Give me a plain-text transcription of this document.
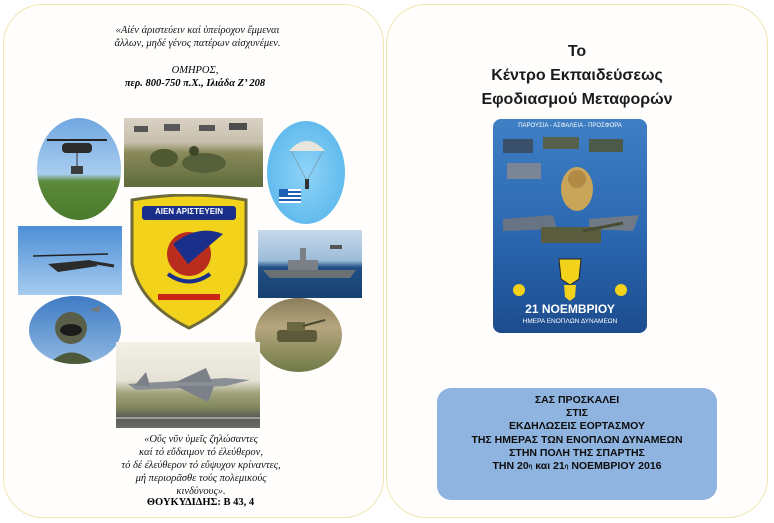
«Αἰέν ἀριστεύειν καί ὑπείροχον ἔμμεναι
ἄλλων, μηδέ γένος πατέρων αἰσχυνέμεν.
ΟΜΗΡΟΣ,
περ. 800-750 π.Χ., Ιλιάδα Ζ’ 208
ΑΙΕΝ ΑΡΙΣΤΕΥΕΙΝ
«Οὕς νῦν ὑμεῖς ζηλώσαντες
καί τό εὔδαιμον τό ἐλεύθερον,
τό δέ ἐλεύθερον τό εὔψυχον κρίναντες,
μή περιορᾶσθε τούς πολεμικούς
κινδύνους».
ΘΟΥΚΥΔΙΔΗΣ: Β 43, 4
Το
Κέντρο Εκπαιδεύσεως
Εφοδιασμού Μεταφορών
ΠΑΡΟΥΣΙΑ - ΑΣΦΑΛΕΙΑ - ΠΡΟΣΦΟΡΑ
21 ΝΟΕΜΒΡΙΟΥ
ΗΜΕΡΑ ΕΝΟΠΛΩΝ ΔΥΝΑΜΕΩΝ
ΣΑΣ ΠΡΟΣΚΑΛΕΙ
ΣΤΙΣ
ΕΚΔΗΛΩΣΕΙΣ ΕΟΡΤΑΣΜΟΥ
ΤΗΣ ΗΜΕΡΑΣ ΤΩΝ ΕΝΟΠΛΩΝ ΔΥΝΑΜΕΩΝ
ΣΤΗΝ ΠΟΛΗ ΤΗΣ ΣΠΑΡΤΗΣ
ΤΗΝ $20^\eta$ και $21^\eta$ ΝΟΕΜΒΡΙΟΥ 2016
